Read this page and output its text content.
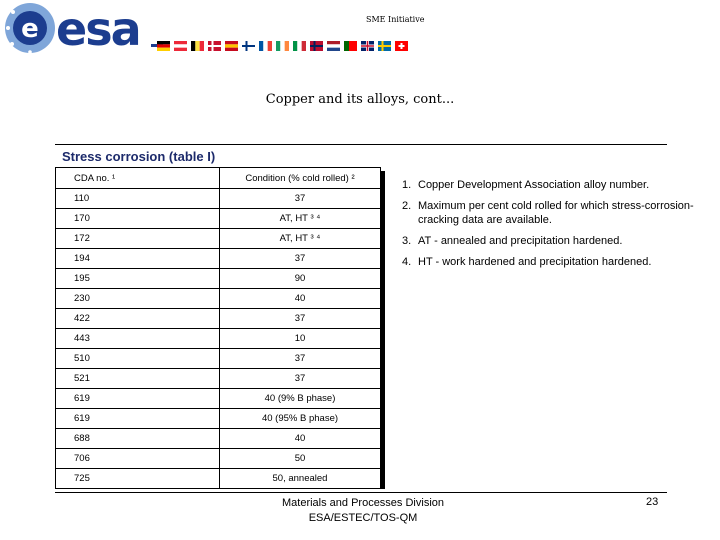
e esa	SME Initiative
Copper and its alloys, cont...
Stress corrosion (table I)
CDA no. ¹	Condition (% cold rolled) ²
110	37
170	AT, HT ³ ⁴
172	AT, HT ³ ⁴
194	37
195	90
230	40
422	37
443	10
510	37
521	37
619	40 (9% B phase)
619	40 (95% B phase)
688	40
706	50
725	50, annealed
1. Copper Development Association alloy number.
2. Maximum per cent cold rolled for which stress-corrosion-cracking data are available.
3. AT - annealed and precipitation hardened.
4. HT - work hardened and precipitation hardened.
Materials and Processes Division
ESA/ESTEC/TOS-QM
23
